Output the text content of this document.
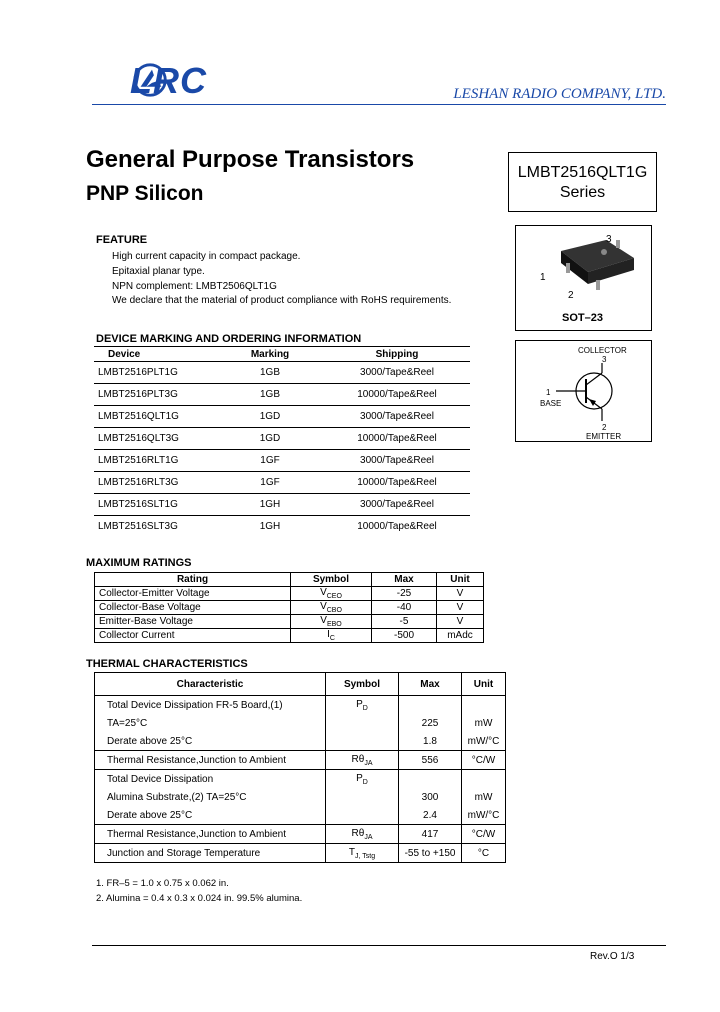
LRC	LESHAN RADIO COMPANY, LTD.
General Purpose Transistors
PNP Silicon
LMBT2516QLT1G
Series
FEATURE
High current capacity in compact package.
Epitaxial planar type.
NPN complement: LMBT2506QLT1G
We declare that the material of product compliance with RoHS requirements.
1
2
3
SOT–23
COLLECTOR
3
1
BASE
2
EMITTER
DEVICE MARKING AND ORDERING INFORMATION
Device	Marking	Shipping
LMBT2516PLT1G	1GB	3000/Tape&Reel
LMBT2516PLT3G	1GB	10000/Tape&Reel
LMBT2516QLT1G	1GD	3000/Tape&Reel
LMBT2516QLT3G	1GD	10000/Tape&Reel
LMBT2516RLT1G	1GF	3000/Tape&Reel
LMBT2516RLT3G	1GF	10000/Tape&Reel
LMBT2516SLT1G	1GH	3000/Tape&Reel
LMBT2516SLT3G	1GH	10000/Tape&Reel
MAXIMUM RATINGS
Rating	Symbol	Max	Unit
Collector-Emitter Voltage	$V_{CEO}$	-25	V
Collector-Base Voltage	$V_{CBO}$	-40	V
Emitter-Base Voltage	$V_{EBO}$	-5	V
Collector Current	$I_C$	-500	mAdc
THERMAL CHARACTERISTICS
Characteristic	Symbol	Max	Unit
Total Device Dissipation FR-5 Board,(1)	$P_D$		
TA=25°C		225	mW
Derate above 25°C		1.8	mW/°C
Thermal Resistance,Junction to Ambient	$R\theta_{JA}$	556	°C/W
Total Device Dissipation	$P_D$		
Alumina Substrate,(2) TA=25°C		300	mW
Derate above 25°C		2.4	mW/°C
Thermal Resistance,Junction to Ambient	$R\theta_{JA}$	417	°C/W
Junction and Storage Temperature	$T_{J, Tstg}$	-55 to +150	°C
1. FR–5 = 1.0 x 0.75 x 0.062 in.
2. Alumina = 0.4 x 0.3 x 0.024 in. 99.5% alumina.
Rev.O 1/3
